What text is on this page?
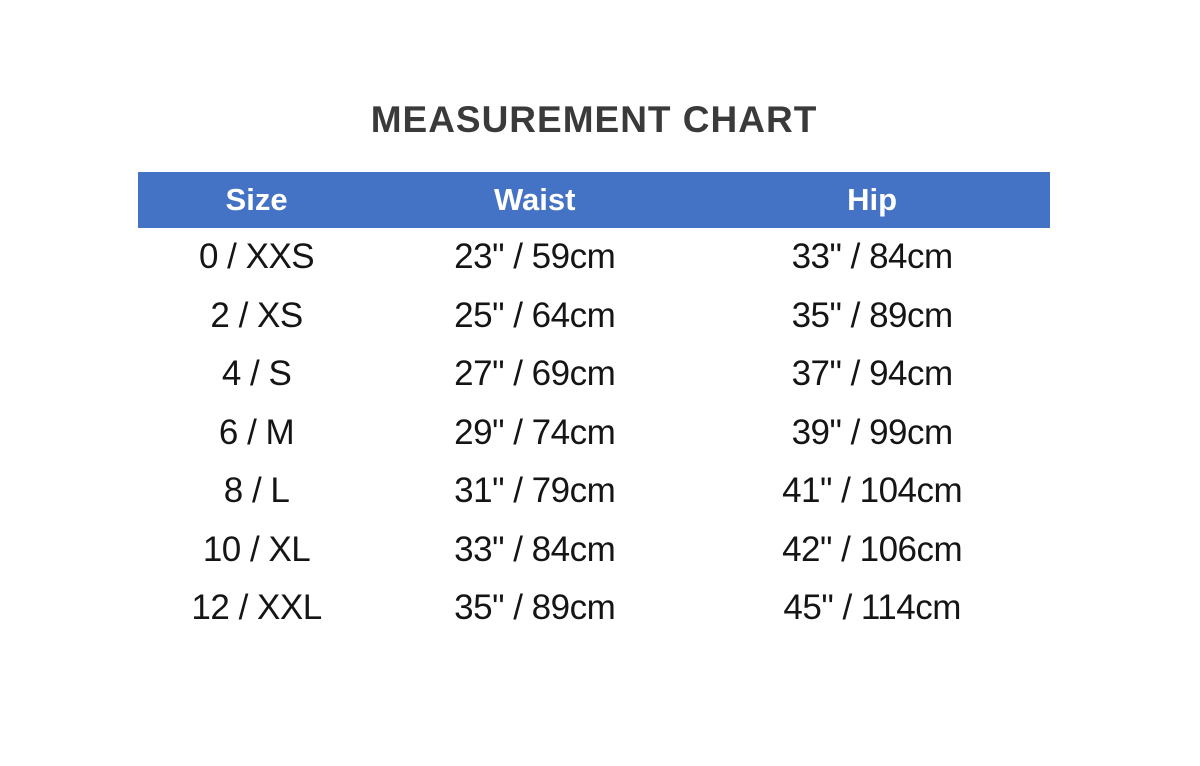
MEASUREMENT CHART
Size	Waist	Hip
0 / XXS	23" / 59cm	33" / 84cm
2 / XS	25" / 64cm	35" / 89cm
4 / S	27" / 69cm	37" / 94cm
6 / M	29" / 74cm	39" / 99cm
8 / L	31" / 79cm	41" / 104cm
10 / XL	33" / 84cm	42" / 106cm
12 / XXL	35" / 89cm	45" / 114cm
